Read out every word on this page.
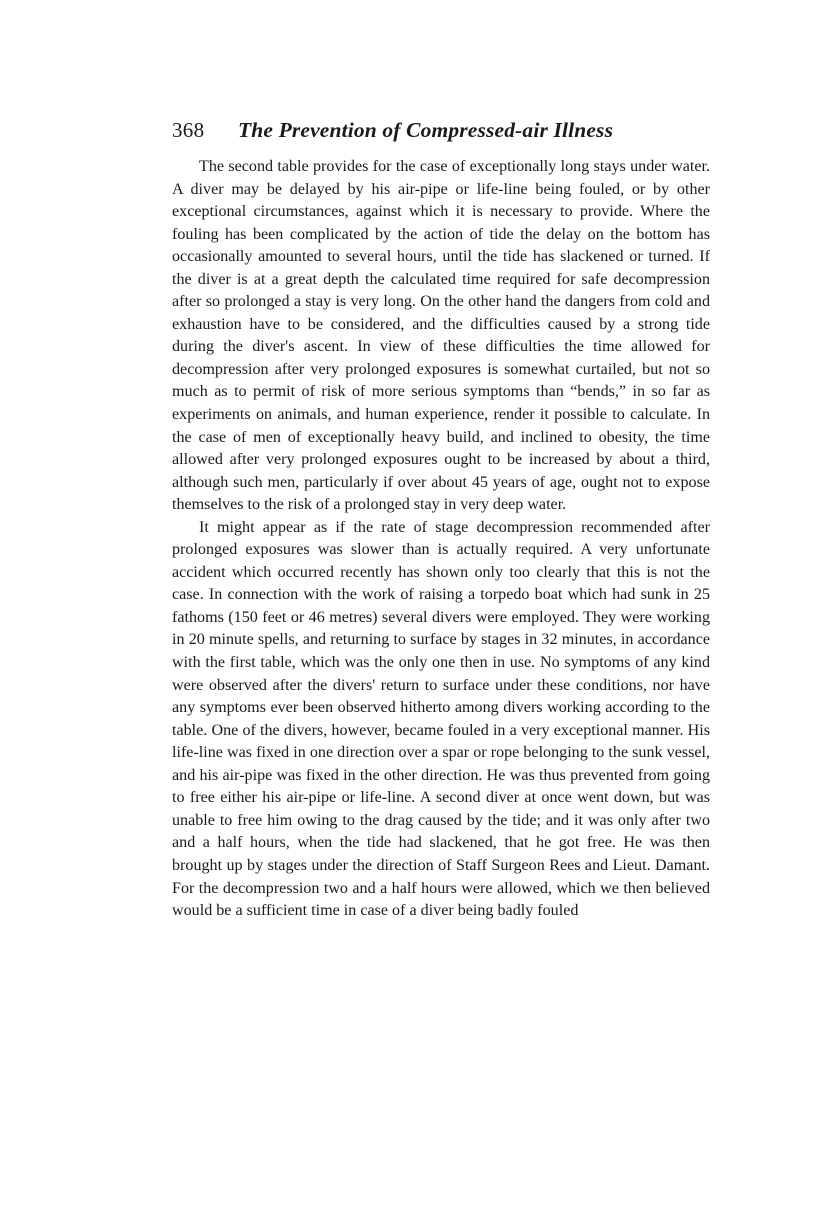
368	The Prevention of Compressed-air Illness

The second table provides for the case of exceptionally long stays under water. A diver may be delayed by his air-pipe or life-line being fouled, or by other exceptional circumstances, against which it is necessary to provide. Where the fouling has been complicated by the action of tide the delay on the bottom has occasionally amounted to several hours, until the tide has slackened or turned. If the diver is at a great depth the calculated time required for safe decompression after so prolonged a stay is very long. On the other hand the dangers from cold and exhaustion have to be considered, and the difficulties caused by a strong tide during the diver's ascent. In view of these difficulties the time allowed for decompression after very prolonged exposures is somewhat curtailed, but not so much as to permit of risk of more serious symptoms than “bends,” in so far as experiments on animals, and human experience, render it possible to calculate. In the case of men of exceptionally heavy build, and inclined to obesity, the time allowed after very prolonged exposures ought to be increased by about a third, although such men, particularly if over about 45 years of age, ought not to expose themselves to the risk of a prolonged stay in very deep water.

It might appear as if the rate of stage decompression recommended after prolonged exposures was slower than is actually required. A very unfortunate accident which occurred recently has shown only too clearly that this is not the case. In connection with the work of raising a torpedo boat which had sunk in 25 fathoms (150 feet or 46 metres) several divers were employed. They were working in 20 minute spells, and returning to surface by stages in 32 minutes, in accordance with the first table, which was the only one then in use. No symptoms of any kind were observed after the divers' return to surface under these conditions, nor have any symptoms ever been observed hitherto among divers working according to the table. One of the divers, however, became fouled in a very exceptional manner. His life-line was fixed in one direction over a spar or rope belonging to the sunk vessel, and his air-pipe was fixed in the other direction. He was thus prevented from going to free either his air-pipe or life-line. A second diver at once went down, but was unable to free him owing to the drag caused by the tide; and it was only after two and a half hours, when the tide had slackened, that he got free. He was then brought up by stages under the direction of Staff Surgeon Rees and Lieut. Damant. For the decompression two and a half hours were allowed, which we then believed would be a sufficient time in case of a diver being badly fouled
